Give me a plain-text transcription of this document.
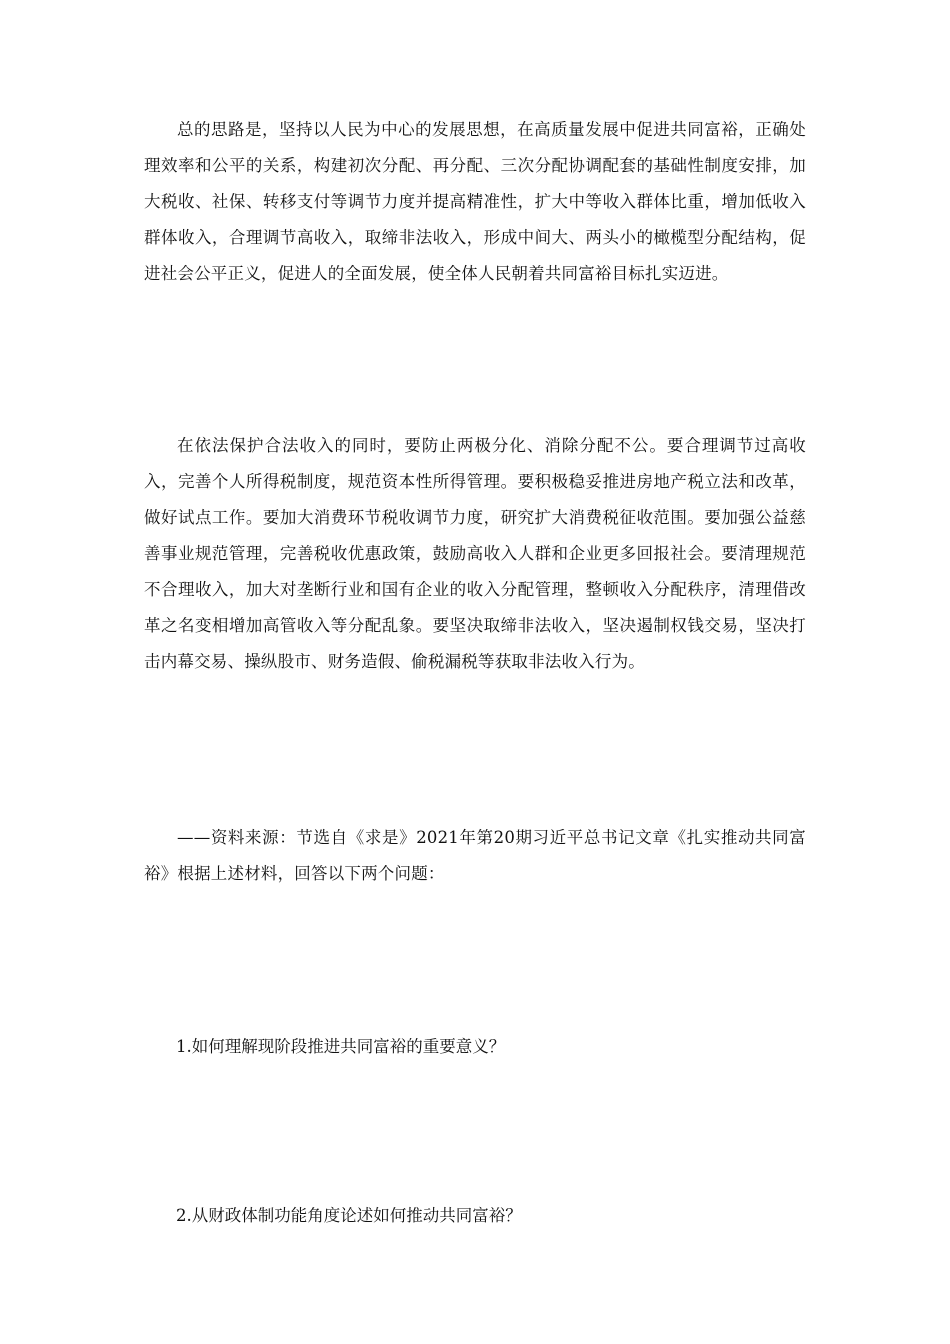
总的思路是，坚持以人民为中心的发展思想，在高质量发展中促进共同富裕，正确处理效率和公平的关系，构建初次分配、再分配、三次分配协调配套的基础性制度安排，加大税收、社保、转移支付等调节力度并提高精准性，扩大中等收入群体比重，增加低收入群体收入，合理调节高收入，取缔非法收入，形成中间大、两头小的橄榄型分配结构，促进社会公平正义，促进人的全面发展，使全体人民朝着共同富裕目标扎实迈进。

在依法保护合法收入的同时，要防止两极分化、消除分配不公。要合理调节过高收入，完善个人所得税制度，规范资本性所得管理。要积极稳妥推进房地产税立法和改革，做好试点工作。要加大消费环节税收调节力度，研究扩大消费税征收范围。要加强公益慈善事业规范管理，完善税收优惠政策，鼓励高收入人群和企业更多回报社会。要清理规范不合理收入，加大对垄断行业和国有企业的收入分配管理，整顿收入分配秩序，清理借改革之名变相增加高管收入等分配乱象。要坚决取缔非法收入，坚决遏制权钱交易，坚决打击内幕交易、操纵股市、财务造假、偷税漏税等获取非法收入行为。

——资料来源：节选自《求是》2021年第20期习近平总书记文章《扎实推动共同富裕》根据上述材料，回答以下两个问题：

1.如何理解现阶段推进共同富裕的重要意义？

2.从财政体制功能角度论述如何推动共同富裕？
